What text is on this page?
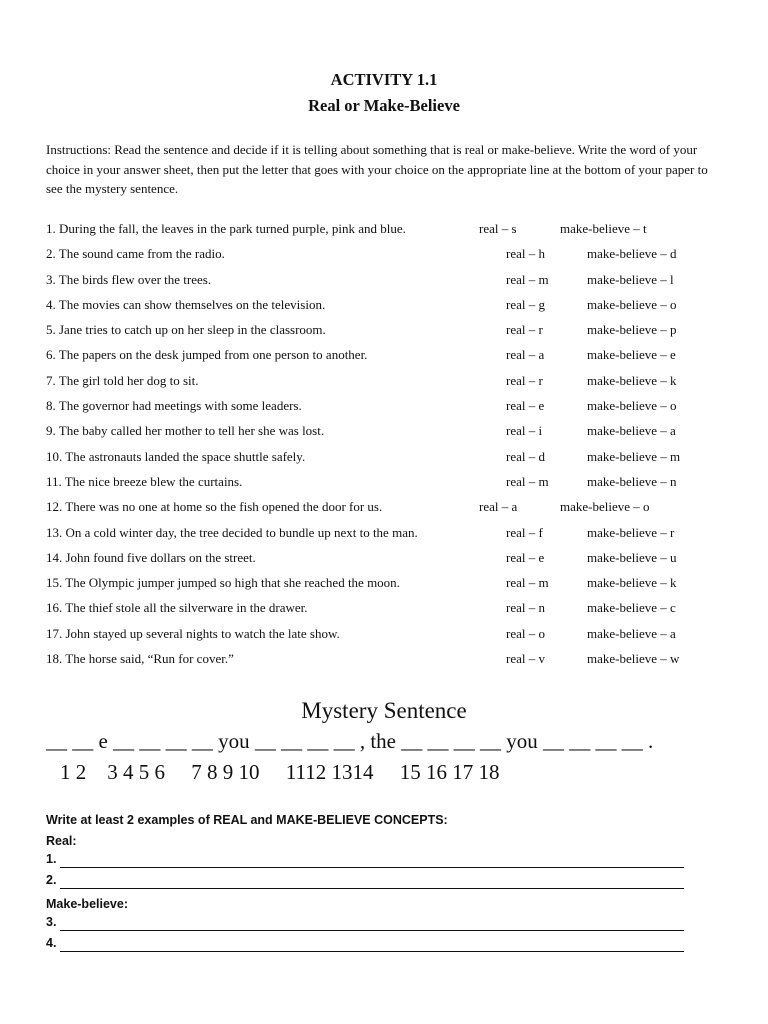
ACTIVITY 1.1
Real or Make-Believe
Instructions: Read the sentence and decide if it is telling about something that is real or make-believe. Write the word of your choice in your answer sheet, then put the letter that goes with your choice on the appropriate line at the bottom of your paper to see the mystery sentence.
1. During the fall, the leaves in the park turned purple, pink and blue.	real – s	make-believe – t
2. The sound came from the radio.	real – h	make-believe – d
3. The birds flew over the trees.	real – m	make-believe – l
4. The movies can show themselves on the television.	real – g	make-believe – o
5. Jane tries to catch up on her sleep in the classroom.	real – r	make-believe – p
6. The papers on the desk jumped from one person to another.	real – a	make-believe – e
7. The girl told her dog to sit.	real – r	make-believe – k
8. The governor had meetings with some leaders.	real – e	make-believe – o
9. The baby called her mother to tell her she was lost.	real – i	make-believe – a
10. The astronauts landed the space shuttle safely.	real – d	make-believe – m
11. The nice breeze blew the curtains.	real – m	make-believe – n
12. There was no one at home so the fish opened the door for us.	real – a	make-believe – o
13. On a cold winter day, the tree decided to bundle up next to the man.	real – f	make-believe – r
14. John found five dollars on the street.	real – e	make-believe – u
15. The Olympic jumper jumped so high that she reached the moon.	real – m	make-believe – k
16. The thief stole all the silverware in the drawer.	real – n	make-believe – c
17. John stayed up several nights to watch the late show.	real – o	make-believe – a
18. The horse said, “Run for cover.”	real – v	make-believe – w
Mystery Sentence
__ __ e __ __ __ __ you __ __ __ __ , the __ __ __ __ you __ __ __ __ .
1 2    3 4 5 6     7 8 9 10     1112 1314     15 16 17 18
Write at least 2 examples of REAL and MAKE-BELIEVE CONCEPTS:
Real:
1.
2.
Make-believe:
3.
4.
